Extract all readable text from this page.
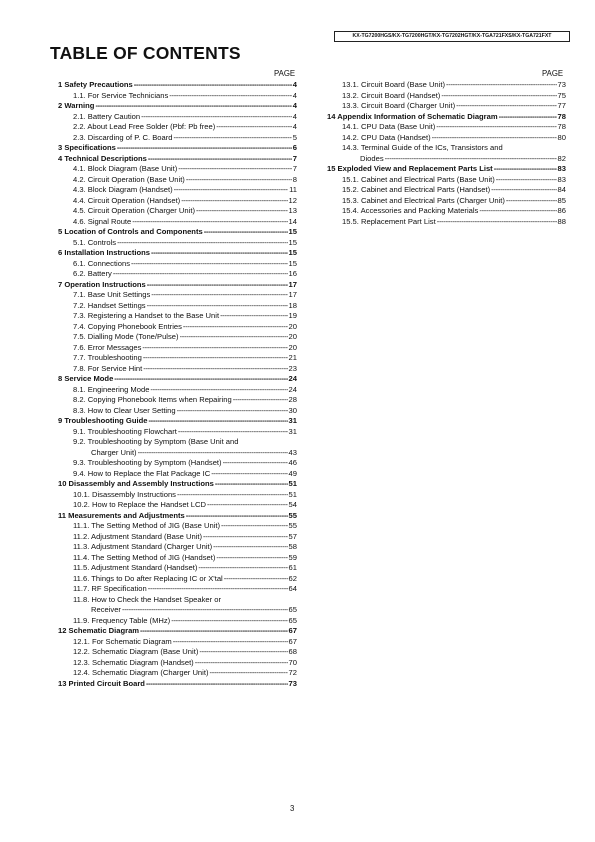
KX-TG7200HGS/KX-TG7200HGT/KX-TG7202HGT/KX-TGA721FXS/KX-TGA721FXT
TABLE OF CONTENTS
PAGE	PAGE
1 Safety Precautions -----	4
1.1. For Service Technicians -----	4
2 Warning -----	4
2.1. Battery Caution -----	4
2.2. About Lead Free Solder (Pbf: Pb free) -----	4
2.3. Discarding of P. C. Board -----	5
3 Specifications -----	6
4 Technical Descriptions -----	7
4.1. Block Diagram (Base Unit) -----	7
4.2. Circuit Operation (Base Unit) -----	8
4.3. Block Diagram (Handset) -----	11
4.4. Circuit Operation (Handset) -----	12
4.5. Circuit Operation (Charger Unit) -----	13
4.6. Signal Route -----	14
5 Location of Controls and Components -----	15
5.1. Controls -----	15
6 Installation Instructions -----	15
6.1. Connections -----	15
6.2. Battery -----	16
7 Operation Instructions -----	17
7.1. Base Unit Settings -----	17
7.2. Handset Settings -----	18
7.3. Registering a Handset to the Base Unit -----	19
7.4. Copying Phonebook Entries -----	20
7.5. Dialling Mode (Tone/Pulse) -----	20
7.6. Error Messages -----	20
7.7. Troubleshooting -----	21
7.8. For Service Hint -----	23
8 Service Mode -----	24
8.1. Engineering Mode -----	24
8.2. Copying Phonebook Items when Repairing -----	28
8.3. How to Clear User Setting -----	30
9 Troubleshooting Guide -----	31
9.1. Troubleshooting Flowchart -----	31
9.2. Troubleshooting by Symptom (Base Unit and
Charger Unit) -----	43
9.3. Troubleshooting by Symptom (Handset) -----	46
9.4. How to Replace the Flat Package IC -----	49
10 Disassembly and Assembly Instructions -----	51
10.1. Disassembly Instructions -----	51
10.2. How to Replace the Handset LCD -----	54
11 Measurements and Adjustments -----	55
11.1. The Setting Method of JIG (Base Unit) -----	55
11.2. Adjustment Standard (Base Unit) -----	57
11.3. Adjustment Standard (Charger Unit) -----	58
11.4. The Setting Method of JIG (Handset) -----	59
11.5. Adjustment Standard (Handset) -----	61
11.6. Things to Do after Replacing IC or X'tal -----	62
11.7. RF Specification -----	64
11.8. How to Check the Handset Speaker or
Receiver -----	65
11.9. Frequency Table (MHz) -----	65
12 Schematic Diagram -----	67
12.1. For Schematic Diagram -----	67
12.2. Schematic Diagram (Base Unit) -----	68
12.3. Schematic Diagram (Handset) -----	70
12.4. Schematic Diagram (Charger Unit) -----	72
13 Printed Circuit Board -----	73
13.1. Circuit Board (Base Unit) -----	73
13.2. Circuit Board (Handset) -----	75
13.3. Circuit Board (Charger Unit) -----	77
14 Appendix Information of Schematic Diagram -----	78
14.1. CPU Data (Base Unit) -----	78
14.2. CPU Data (Handset) -----	80
14.3. Terminal Guide of the ICs, Transistors and
Diodes -----	82
15 Exploded View and Replacement Parts List -----	83
15.1. Cabinet and Electrical Parts (Base Unit) -----	83
15.2. Cabinet and Electrical Parts (Handset) -----	84
15.3. Cabinet and Electrical Parts (Charger Unit) -----	85
15.4. Accessories and Packing Materials -----	86
15.5. Replacement Part List -----	88
3
